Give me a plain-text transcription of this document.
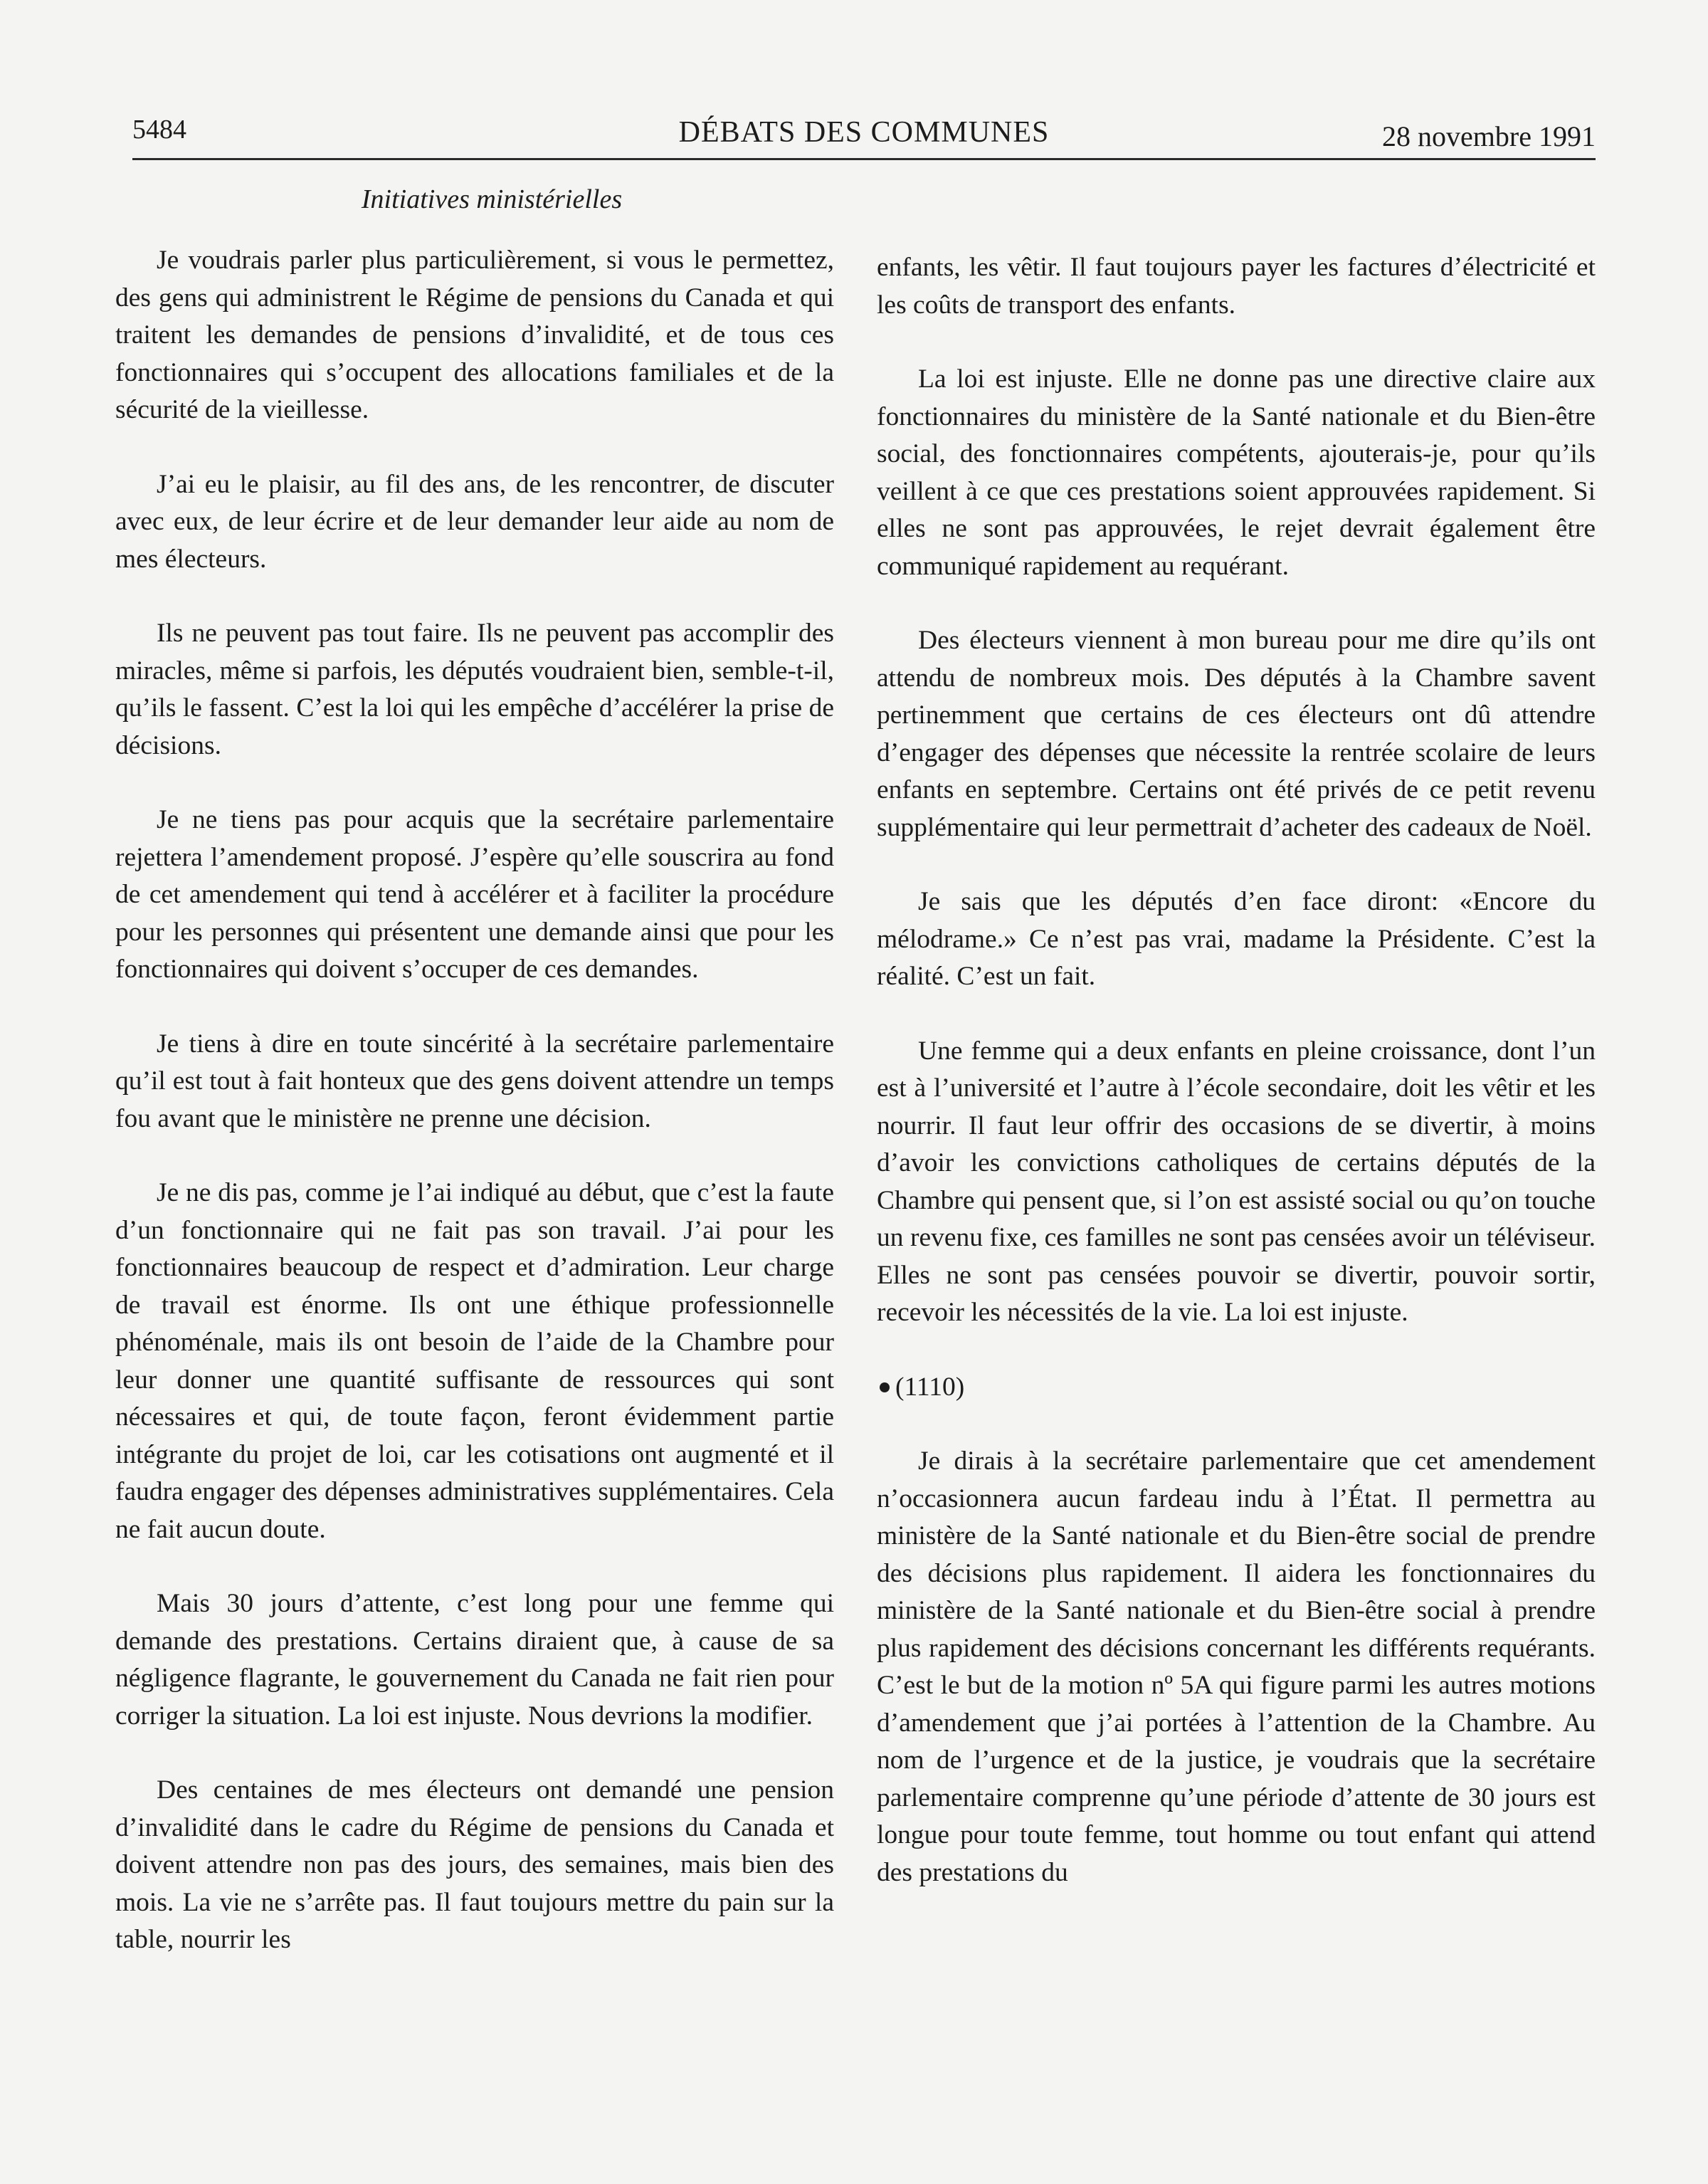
5484	DÉBATS DES COMMUNES	28 novembre 1991
Initiatives ministérielles

Je voudrais parler plus particulièrement, si vous le permettez, des gens qui administrent le Régime de pensions du Canada et qui traitent les demandes de pensions d’invalidité, et de tous ces fonctionnaires qui s’occupent des allocations familiales et de la sécurité de la vieillesse.

J’ai eu le plaisir, au fil des ans, de les rencontrer, de discuter avec eux, de leur écrire et de leur demander leur aide au nom de mes électeurs.

Ils ne peuvent pas tout faire. Ils ne peuvent pas accomplir des miracles, même si parfois, les députés voudraient bien, semble-t-il, qu’ils le fassent. C’est la loi qui les empêche d’accélérer la prise de décisions.

Je ne tiens pas pour acquis que la secrétaire parlementaire rejettera l’amendement proposé. J’espère qu’elle souscrira au fond de cet amendement qui tend à accélérer et à faciliter la procédure pour les personnes qui présentent une demande ainsi que pour les fonctionnaires qui doivent s’occuper de ces demandes.

Je tiens à dire en toute sincérité à la secrétaire parlementaire qu’il est tout à fait honteux que des gens doivent attendre un temps fou avant que le ministère ne prenne une décision.

Je ne dis pas, comme je l’ai indiqué au début, que c’est la faute d’un fonctionnaire qui ne fait pas son travail. J’ai pour les fonctionnaires beaucoup de respect et d’admiration. Leur charge de travail est énorme. Ils ont une éthique professionnelle phénoménale, mais ils ont besoin de l’aide de la Chambre pour leur donner une quantité suffisante de ressources qui sont nécessaires et qui, de toute façon, feront évidemment partie intégrante du projet de loi, car les cotisations ont augmenté et il faudra engager des dépenses administratives supplémentaires. Cela ne fait aucun doute.

Mais 30 jours d’attente, c’est long pour une femme qui demande des prestations. Certains diraient que, à cause de sa négligence flagrante, le gouvernement du Canada ne fait rien pour corriger la situation. La loi est injuste. Nous devrions la modifier.

Des centaines de mes électeurs ont demandé une pension d’invalidité dans le cadre du Régime de pensions du Canada et doivent attendre non pas des jours, des semaines, mais bien des mois. La vie ne s’arrête pas. Il faut toujours mettre du pain sur la table, nourrir les

enfants, les vêtir. Il faut toujours payer les factures d’électricité et les coûts de transport des enfants.

La loi est injuste. Elle ne donne pas une directive claire aux fonctionnaires du ministère de la Santé nationale et du Bien-être social, des fonctionnaires compétents, ajouterais-je, pour qu’ils veillent à ce que ces prestations soient approuvées rapidement. Si elles ne sont pas approuvées, le rejet devrait également être communiqué rapidement au requérant.

Des électeurs viennent à mon bureau pour me dire qu’ils ont attendu de nombreux mois. Des députés à la Chambre savent pertinemment que certains de ces électeurs ont dû attendre d’engager des dépenses que nécessite la rentrée scolaire de leurs enfants en septembre. Certains ont été privés de ce petit revenu supplémentaire qui leur permettrait d’acheter des cadeaux de Noël.

Je sais que les députés d’en face diront: «Encore du mélodrame.» Ce n’est pas vrai, madame la Présidente. C’est la réalité. C’est un fait.

Une femme qui a deux enfants en pleine croissance, dont l’un est à l’université et l’autre à l’école secondaire, doit les vêtir et les nourrir. Il faut leur offrir des occasions de se divertir, à moins d’avoir les convictions catholiques de certains députés de la Chambre qui pensent que, si l’on est assisté social ou qu’on touche un revenu fixe, ces familles ne sont pas censées avoir un téléviseur. Elles ne sont pas censées pouvoir se divertir, pouvoir sortir, recevoir les nécessités de la vie. La loi est injuste.

(1110)

Je dirais à la secrétaire parlementaire que cet amendement n’occasionnera aucun fardeau indu à l’État. Il permettra au ministère de la Santé nationale et du Bien-être social de prendre des décisions plus rapidement. Il aidera les fonctionnaires du ministère de la Santé nationale et du Bien-être social à prendre plus rapidement des décisions concernant les différents requérants. C’est le but de la motion nº 5A qui figure parmi les autres motions d’amendement que j’ai portées à l’attention de la Chambre. Au nom de l’urgence et de la justice, je voudrais que la secrétaire parlementaire comprenne qu’une période d’attente de 30 jours est longue pour toute femme, tout homme ou tout enfant qui attend des prestations du
